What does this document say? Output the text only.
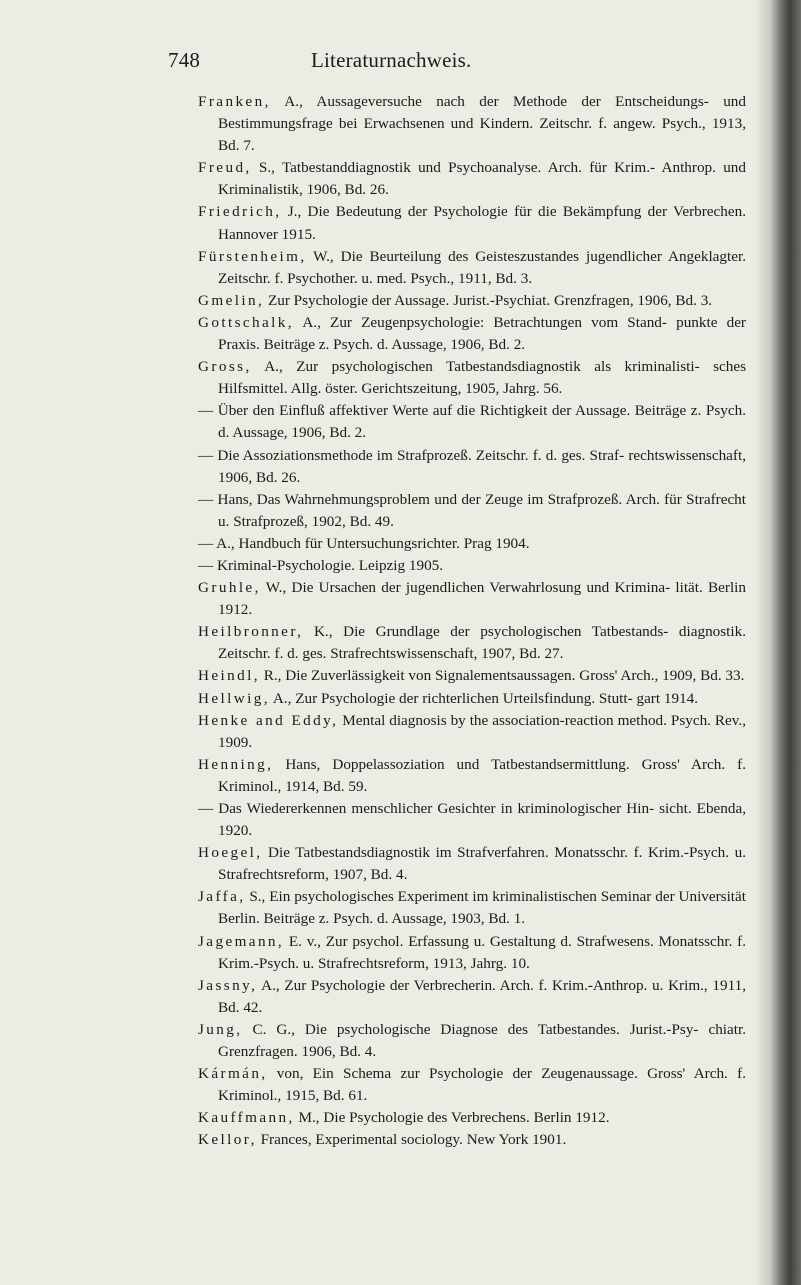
748	Literaturnachweis.
Franken, A., Aussageversuche nach der Methode der Entscheidungs- und Bestimmungsfrage bei Erwachsenen und Kindern. Zeitschr. f. angew. Psych., 1913, Bd. 7.
Freud, S., Tatbestanddiagnostik und Psychoanalyse. Arch. für Krim.- Anthrop. und Kriminalistik, 1906, Bd. 26.
Friedrich, J., Die Bedeutung der Psychologie für die Bekämpfung der Verbrechen. Hannover 1915.
Fürstenheim, W., Die Beurteilung des Geisteszustandes jugendlicher Angeklagter. Zeitschr. f. Psychother. u. med. Psych., 1911, Bd. 3.
Gmelin, Zur Psychologie der Aussage. Jurist.-Psychiat. Grenzfragen, 1906, Bd. 3.
Gottschalk, A., Zur Zeugenpsychologie: Betrachtungen vom Stand- punkte der Praxis. Beiträge z. Psych. d. Aussage, 1906, Bd. 2.
Gross, A., Zur psychologischen Tatbestandsdiagnostik als kriminalisti- sches Hilfsmittel. Allg. öster. Gerichtszeitung, 1905, Jahrg. 56.
— Über den Einfluß affektiver Werte auf die Richtigkeit der Aussage. Beiträge z. Psych. d. Aussage, 1906, Bd. 2.
— Die Assoziationsmethode im Strafprozeß. Zeitschr. f. d. ges. Straf- rechtswissenschaft, 1906, Bd. 26.
— Hans, Das Wahrnehmungsproblem und der Zeuge im Strafprozeß. Arch. für Strafrecht u. Strafprozeß, 1902, Bd. 49.
— A., Handbuch für Untersuchungsrichter. Prag 1904.
— Kriminal-Psychologie. Leipzig 1905.
Gruhle, W., Die Ursachen der jugendlichen Verwahrlosung und Krimina- lität. Berlin 1912.
Heilbronner, K., Die Grundlage der psychologischen Tatbestands- diagnostik. Zeitschr. f. d. ges. Strafrechtswissenschaft, 1907, Bd. 27.
Heindl, R., Die Zuverlässigkeit von Signalementsaussagen. Gross' Arch., 1909, Bd. 33.
Hellwig, A., Zur Psychologie der richterlichen Urteilsfindung. Stutt- gart 1914.
Henke and Eddy, Mental diagnosis by the association-reaction method. Psych. Rev., 1909.
Henning, Hans, Doppelassoziation und Tatbestandsermittlung. Gross' Arch. f. Kriminol., 1914, Bd. 59.
— Das Wiedererkennen menschlicher Gesichter in kriminologischer Hin- sicht. Ebenda, 1920.
Hoegel, Die Tatbestandsdiagnostik im Strafverfahren. Monatsschr. f. Krim.-Psych. u. Strafrechtsreform, 1907, Bd. 4.
Jaffa, S., Ein psychologisches Experiment im kriminalistischen Seminar der Universität Berlin. Beiträge z. Psych. d. Aussage, 1903, Bd. 1.
Jagemann, E. v., Zur psychol. Erfassung u. Gestaltung d. Strafwesens. Monatsschr. f. Krim.-Psych. u. Strafrechtsreform, 1913, Jahrg. 10.
Jassny, A., Zur Psychologie der Verbrecherin. Arch. f. Krim.-Anthrop. u. Krim., 1911, Bd. 42.
Jung, C. G., Die psychologische Diagnose des Tatbestandes. Jurist.-Psy- chiatr. Grenzfragen. 1906, Bd. 4.
Kármán, von, Ein Schema zur Psychologie der Zeugenaussage. Gross' Arch. f. Kriminol., 1915, Bd. 61.
Kauffmann, M., Die Psychologie des Verbrechens. Berlin 1912.
Kellor, Frances, Experimental sociology. New York 1901.
